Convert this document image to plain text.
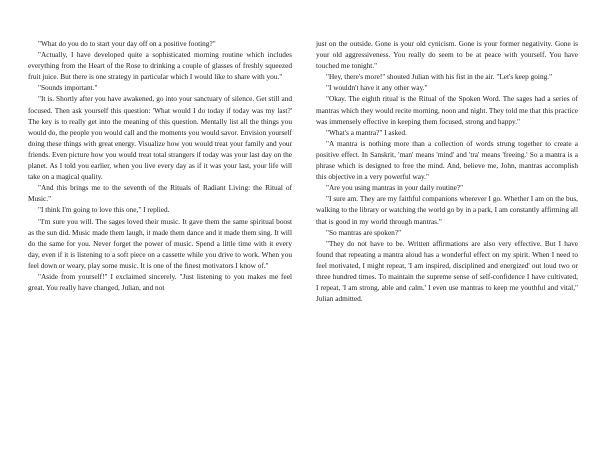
"What do you do to start your day off on a positive footing?"

"Actually, I have developed quite a sophisticated morning routine which includes everything from the Heart of the Rose to drinking a couple of glasses of freshly squeezed fruit juice. But there is one strategy in particular which I would like to share with you."

"Sounds important."

"It is. Shortly after you have awakened, go into your sanctuary of silence. Get still and focused. Then ask yourself this question: 'What would I do today if today was my last?' The key is to really get into the meaning of this question. Mentally list all the things you would do, the people you would call and the moments you would savor. Envision yourself doing these things with great energy. Visualize how you would treat your family and your friends. Even picture how you would treat total strangers if today was your last day on the planet. As I told you earlier, when you live every day as if it was your last, your life will take on a magical quality.

"And this brings me to the seventh of the Rituals of Radiant Living: the Ritual of Music."

"I think I'm going to love this one," I replied.

"I'm sure you will. The sages loved their music. It gave them the same spiritual boost as the sun did. Music made them laugh, it made them dance and it made them sing. It will do the same for you. Never forget the power of music. Spend a little time with it every day, even if it is listening to a soft piece on a cassette while you drive to work. When you feel down or weary, play some music. It is one of the finest motivators I know of."

"Aside from yourself!" I exclaimed sincerely. "Just listening to you makes me feel great. You really have changed, Julian, and not

just on the outside. Gone is your old cynicism. Gone is your former negativity. Gone is your old aggressiveness. You really do seem to be at peace with yourself. You have touched me tonight."

"Hey, there's more!" shouted Julian with his fist in the air. "Let's keep going."

"I wouldn't have it any other way."

"Okay. The eighth ritual is the Ritual of the Spoken Word. The sages had a series of mantras which they would recite morning, noon and night. They told me that this practice was immensely effective in keeping them focused, strong and happy."

"What's a mantra?" I asked.

"A mantra is nothing more than a collection of words strung together to create a positive effect. In Sanskrit, 'man' means 'mind' and 'tra' means 'freeing.' So a mantra is a phrase which is designed to free the mind. And, believe me, John, mantras accomplish this objective in a very powerful way."

"Are you using mantras in your daily routine?"

"I sure am. They are my faithful companions wherever I go. Whether I am on the bus, walking to the library or watching the world go by in a park, I am constantly affirming all that is good in my world through mantras."

"So mantras are spoken?"

"They do not have to be. Written affirmations are also very effective. But I have found that repeating a mantra aloud has a wonderful effect on my spirit. When I need to feel motivated, I might repeat, 'I am inspired, disciplined and energized' out loud two or three hundred times. To maintain the supreme sense of self-confidence I have cultivated, I repeat, 'I am strong, able and calm.' I even use mantras to keep me youthful and vital," Julian admitted.
